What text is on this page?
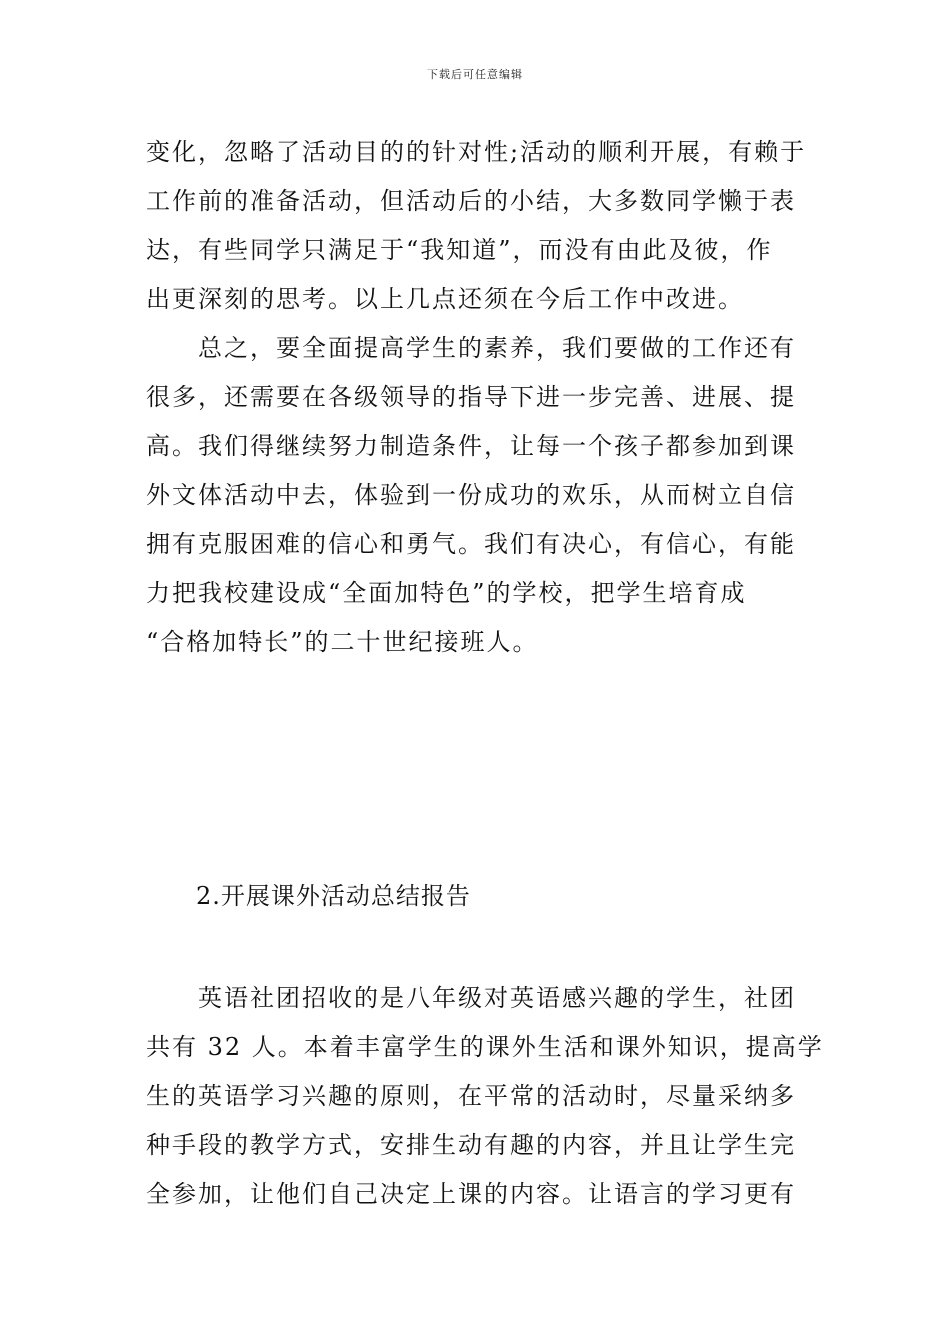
下载后可任意编辑
变化，忽略了活动目的的针对性;活动的顺利开展，有赖于
工作前的准备活动，但活动后的小结，大多数同学懒于表
达，有些同学只满足于“我知道”，而没有由此及彼，作
出更深刻的思考。以上几点还须在今后工作中改进。
总之，要全面提高学生的素养，我们要做的工作还有
很多，还需要在各级领导的指导下进一步完善、进展、提
高。我们得继续努力制造条件，让每一个孩子都参加到课
外文体活动中去，体验到一份成功的欢乐，从而树立自信
拥有克服困难的信心和勇气。我们有决心，有信心，有能
力把我校建设成“全面加特色”的学校，把学生培育成
“合格加特长”的二十世纪接班人。
2.开展课外活动总结报告
英语社团招收的是八年级对英语感兴趣的学生，社团
共有 32 人。本着丰富学生的课外生活和课外知识，提高学
生的英语学习兴趣的原则，在平常的活动时，尽量采纳多
种手段的教学方式，安排生动有趣的内容，并且让学生完
全参加，让他们自己决定上课的内容。让语言的学习更有
